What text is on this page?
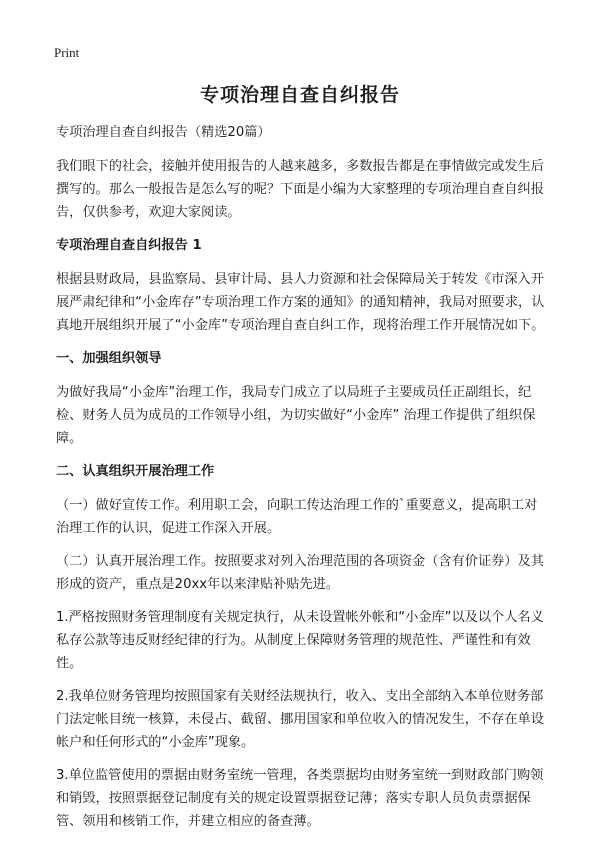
Print
专项治理自查自纠报告

专项治理自查自纠报告（精选20篇）

我们眼下的社会，接触并使用报告的人越来越多，多数报告都是在事情做完或发生后撰写的。那么一般报告是怎么写的呢？下面是小编为大家整理的专项治理自查自纠报告，仅供参考，欢迎大家阅读。

专项治理自查自纠报告 1

根据县财政局，县监察局、县审计局、县人力资源和社会保障局关于转发《市深入开展严肃纪律和“小金库存”专项治理工作方案的通知》的通知精神，我局对照要求，认真地开展组织开展了“小金库”专项治理自查自纠工作，现将治理工作开展情况如下。

一、加强组织领导

为做好我局“小金库”治理工作，我局专门成立了以局班子主要成员任正副组长，纪检、财务人员为成员的工作领导小组，为切实做好“小金库” 治理工作提供了组织保障。

二、认真组织开展治理工作

（一）做好宣传工作。利用职工会，向职工传达治理工作的`重要意义，提高职工对治理工作的认识，促进工作深入开展。

（二）认真开展治理工作。按照要求对列入治理范围的各项资金（含有价证券）及其形成的资产，重点是20xx年以来津贴补贴先进。

1.严格按照财务管理制度有关规定执行，从未设置帐外帐和“小金库”以及以个人名义私存公款等违反财经纪律的行为。从制度上保障财务管理的规范性、严谨性和有效性。

2.我单位财务管理均按照国家有关财经法规执行，收入、支出全部纳入本单位财务部门法定帐目统一核算，未侵占、截留、挪用国家和单位收入的情况发生，不存在单设帐户和任何形式的“小金库”现象。

3.单位监管使用的票据由财务室统一管理，各类票据均由财务室统一到财政部门购领和销毁，按照票据登记制度有关的规定设置票据登记薄；落实专职人员负责票据保管、领用和核销工作，并建立相应的备查薄。
